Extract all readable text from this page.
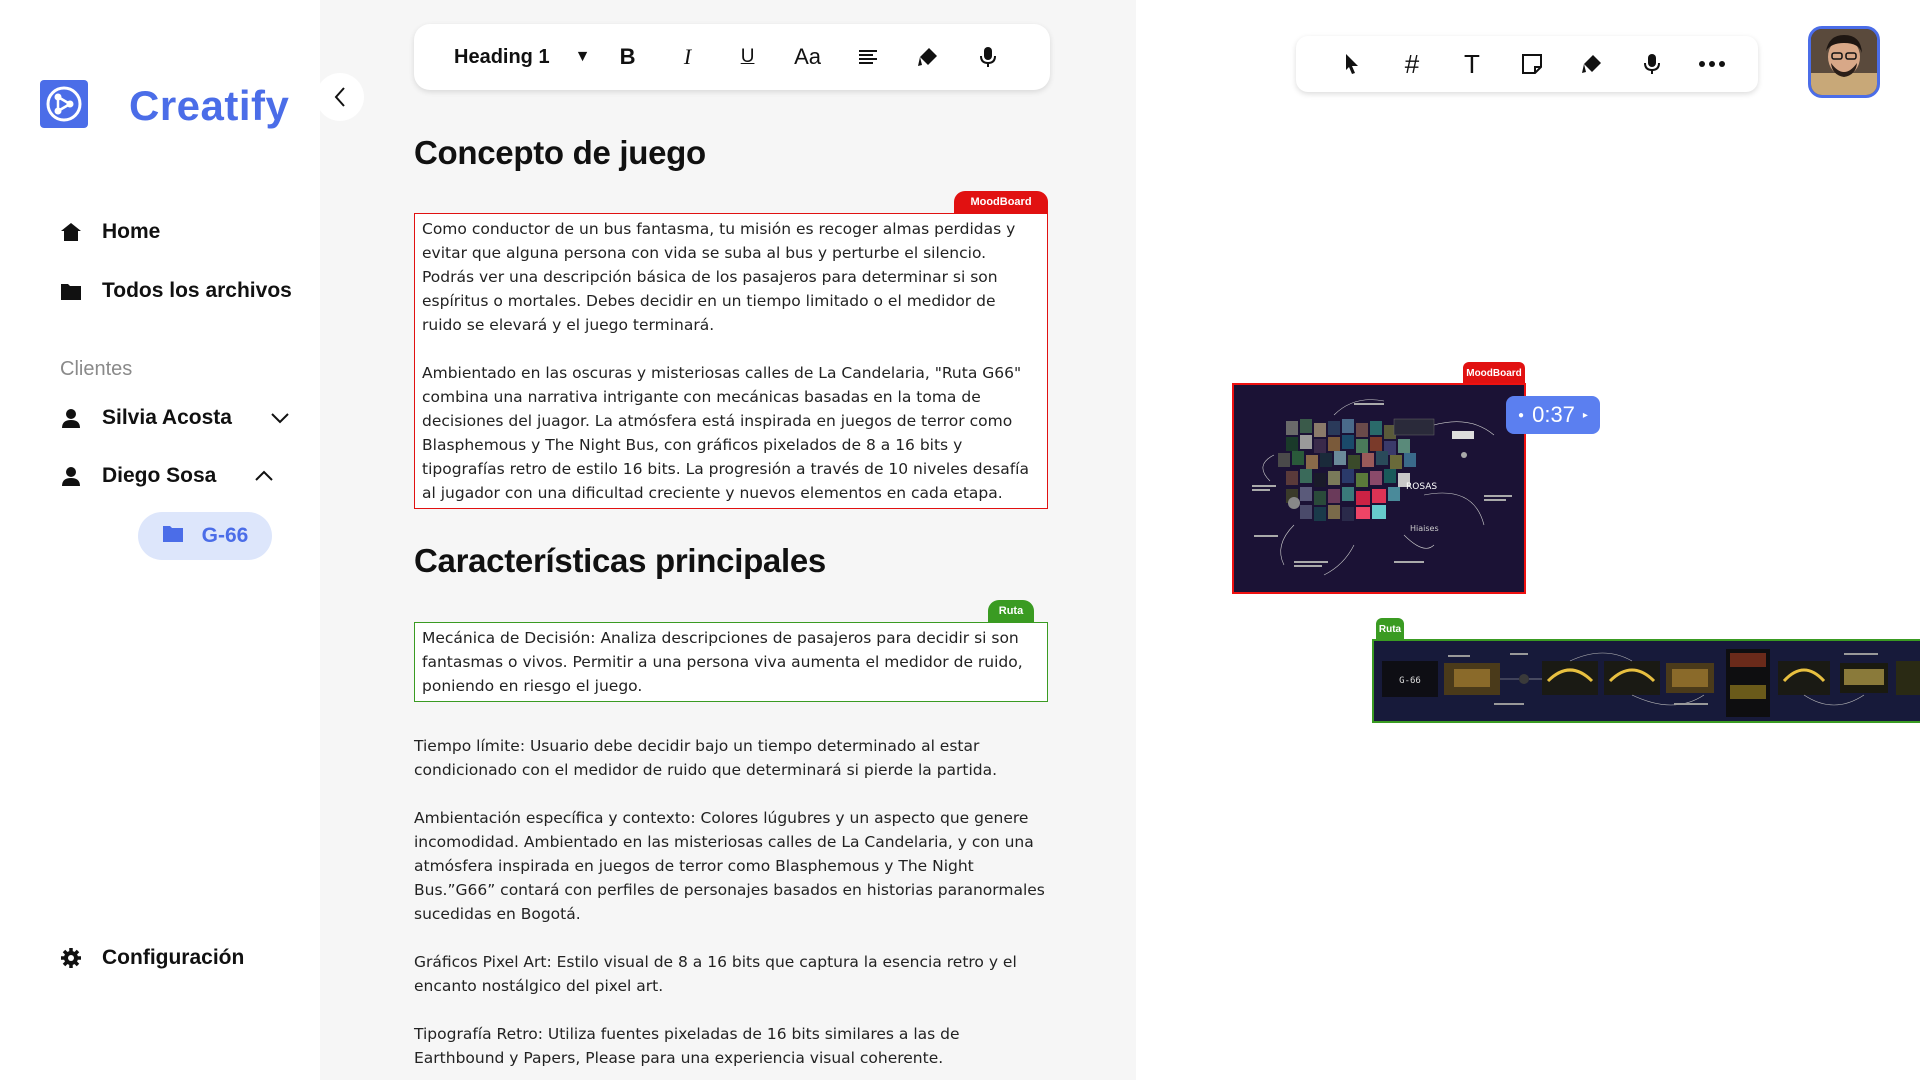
Creatify
Home
Todos los archivos
Clientes
Silvia Acosta
Diego Sosa
G-66
Configuración
Heading 1	▼	B	I	U	Aa
Concepto de juego
MoodBoard

Como conductor de un bus fantasma, tu misión es recoger almas perdidas y evitar que alguna persona con vida se suba al bus y perturbe el silencio. Podrás ver una descripción básica de los pasajeros para determinar si son espíritus o mortales. Debes decidir en un tiempo limitado o el medidor de ruido se elevará y el juego terminará.

Ambientado en las oscuras y misteriosas calles de La Candelaria, "Ruta G66" combina una narrativa intrigante con mecánicas basadas en la toma de decisiones del juagor. La atmósfera está inspirada en juegos de terror como Blasphemous y The Night Bus, con gráficos pixelados de 8 a 16 bits y tipografías retro de estilo 16 bits. La progresión a través de 10 niveles desafía al jugador con una dificultad creciente y nuevos elementos en cada etapa.

Características principales
Ruta

Mecánica de Decisión: Analiza descripciones de pasajeros para decidir si son fantasmas o vivos. Permitir a una persona viva aumenta el medidor de ruido, poniendo en riesgo el juego.

Tiempo límite: Usuario debe decidir bajo un tiempo determinado al estar condicionado con el medidor de ruido que determinará si pierde la partida.

Ambientación específica y contexto: Colores lúgubres y un aspecto que genere incomodidad. Ambientado en las misteriosas calles de La Candelaria, y con una atmósfera inspirada en juegos de terror como Blasphemous y The Night Bus.”G66” contará con perfiles de personajes basados en historias paranormales sucedidas en Bogotá.

Gráficos Pixel Art: Estilo visual de 8 a 16 bits que captura la esencia retro y el encanto nostálgico del pixel art.

Tipografía Retro: Utiliza fuentes pixeladas de 16 bits similares a las de Earthbound y Papers, Please para una experiencia visual coherente.

#	T
MoodBoard
ROSAS
Hiaises
● 0:37 ▸
Ruta
G-66
